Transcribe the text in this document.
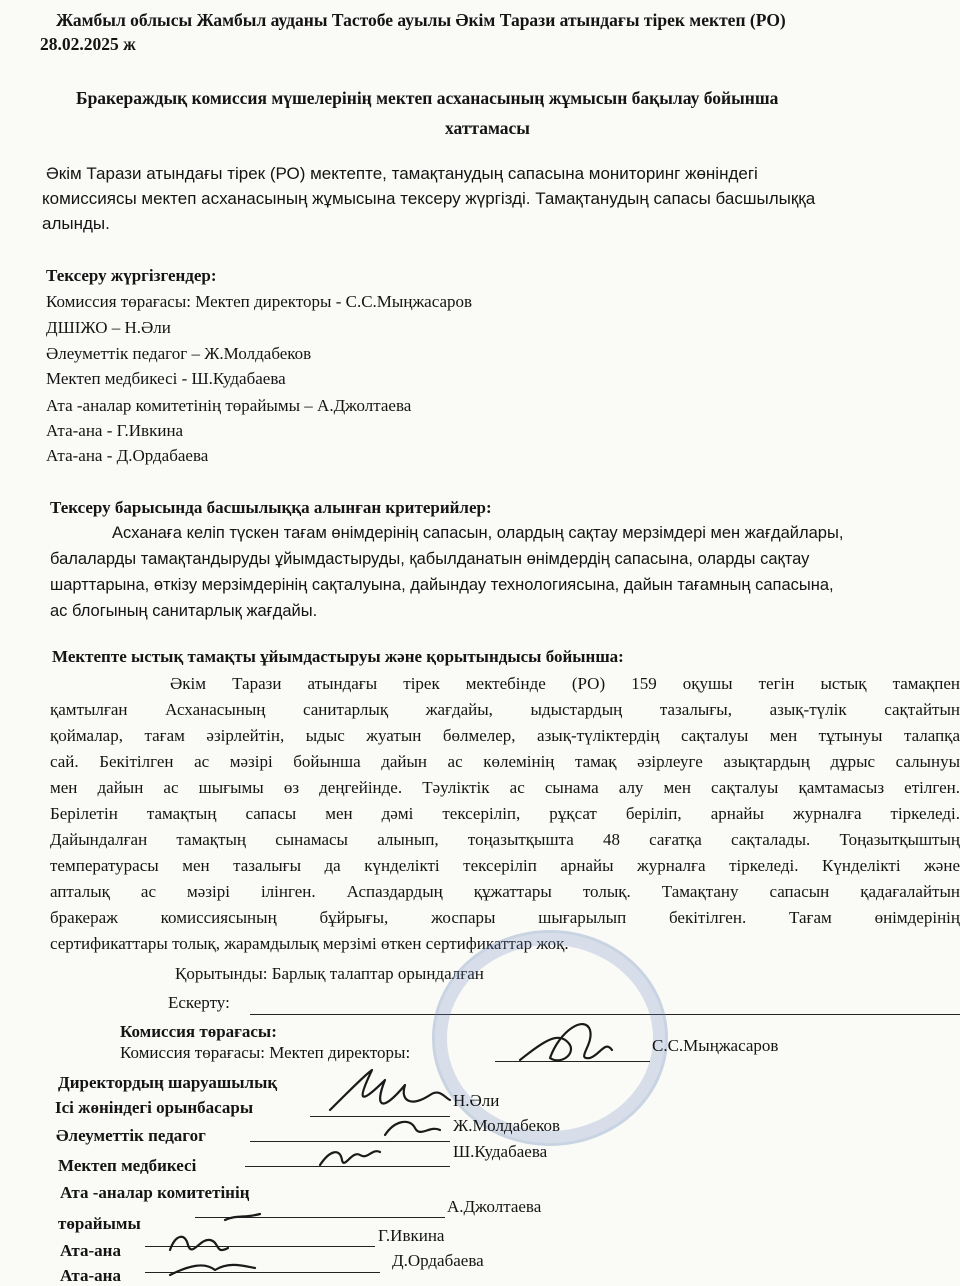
Жамбыл облысы Жамбыл ауданы Тастобе ауылы Әкім Тарази атындағы тірек мектеп (РО)
28.02.2025 ж
Бракераждық комиссия мүшелерінің мектеп асханасының жұмысын бақылау бойынша
хаттамасы
Әкім Тарази атындағы тірек (РО) мектепте, тамақтанудың сапасына мониторинг жөніндегі
комиссиясы мектеп асханасының жұмысына тексеру жүргізді. Тамақтанудың сапасы басшылыққа
алынды.
Тексеру жүргізгендер:
Комиссия төрағасы: Мектеп директоры - С.С.Мыңжасаров
ДШІЖО – Н.Әли
Әлеуметтік педагог – Ж.Молдабеков
Мектеп медбикесі - Ш.Кудабаева
Ата -аналар комитетінің төрайымы – А.Джолтаева
Ата-ана - Г.Ивкина
Ата-ана - Д.Ордабаева
Тексеру барысында басшылыққа алынған критерийлер:
Асханаға келіп түскен тағам өнімдерінің сапасын, олардың сақтау мерзімдері мен жағдайлары,
балаларды тамақтандыруды ұйымдастыруды, қабылданатын өнімдердің сапасына, оларды сақтау
шарттарына, өткізу мерзімдерінің сақталуына, дайындау технологиясына, дайын тағамның сапасына,
ас блогының санитарлық жағдайы.
Мектепте ыстық тамақты ұйымдастыруы және қорытындысы бойынша:
Әкім Тарази атындағы тірек мектебінде (РО) 159 оқушы тегін ыстық тамақпен
қамтылған Асханасының санитарлық жағдайы, ыдыстардың тазалығы, азық-түлік сақтайтын
қоймалар, тағам әзірлейтін, ыдыс жуатын бөлмелер, азық-түліктердің сақталуы мен тұтынуы талапқа
сай. Бекітілген ас мәзірі бойынша дайын ас көлемінің тамақ әзірлеуге азықтардың дұрыс салынуы
мен дайын ас шығымы өз деңгейінде. Тәуліктік ас сынама алу мен сақталуы қамтамасыз етілген.
Берілетін тамақтың сапасы мен дәмі тексеріліп, рұқсат беріліп, арнайы журналға тіркеледі.
Дайындалған тамақтың сынамасы алынып, тоңазытқышта 48 сағатқа сақталады. Тоңазытқыштың
температурасы мен тазалығы да күнделікті тексеріліп арнайы журналға тіркеледі. Күнделікті және
апталық ас мәзірі ілінген. Аспаздардың құжаттары толық. Тамақтану сапасын қадағалайтын
бракераж комиссиясының бұйрығы, жоспары шығарылып бекітілген. Тағам өнімдерінің
сертификаттары толық, жарамдылық мерзімі өткен сертификаттар жоқ.
Қорытынды: Барлық талаптар орындалған
Ескерту:
Комиссия төрағасы:
Комиссия төрағасы: Мектеп директоры:	С.С.Мыңжасаров
Директордың шаруашылық
Ісі жөніндегі орынбасары	Н.Әли
Әлеуметтік педагог
Ж.Молдабеков
Мектеп медбикесі
Ш.Кудабаева
Ата -аналар комитетінің
төрайымы
А.Джолтаева
Ата-ана
Г.Ивкина
Ата-ана
Д.Ордабаева
